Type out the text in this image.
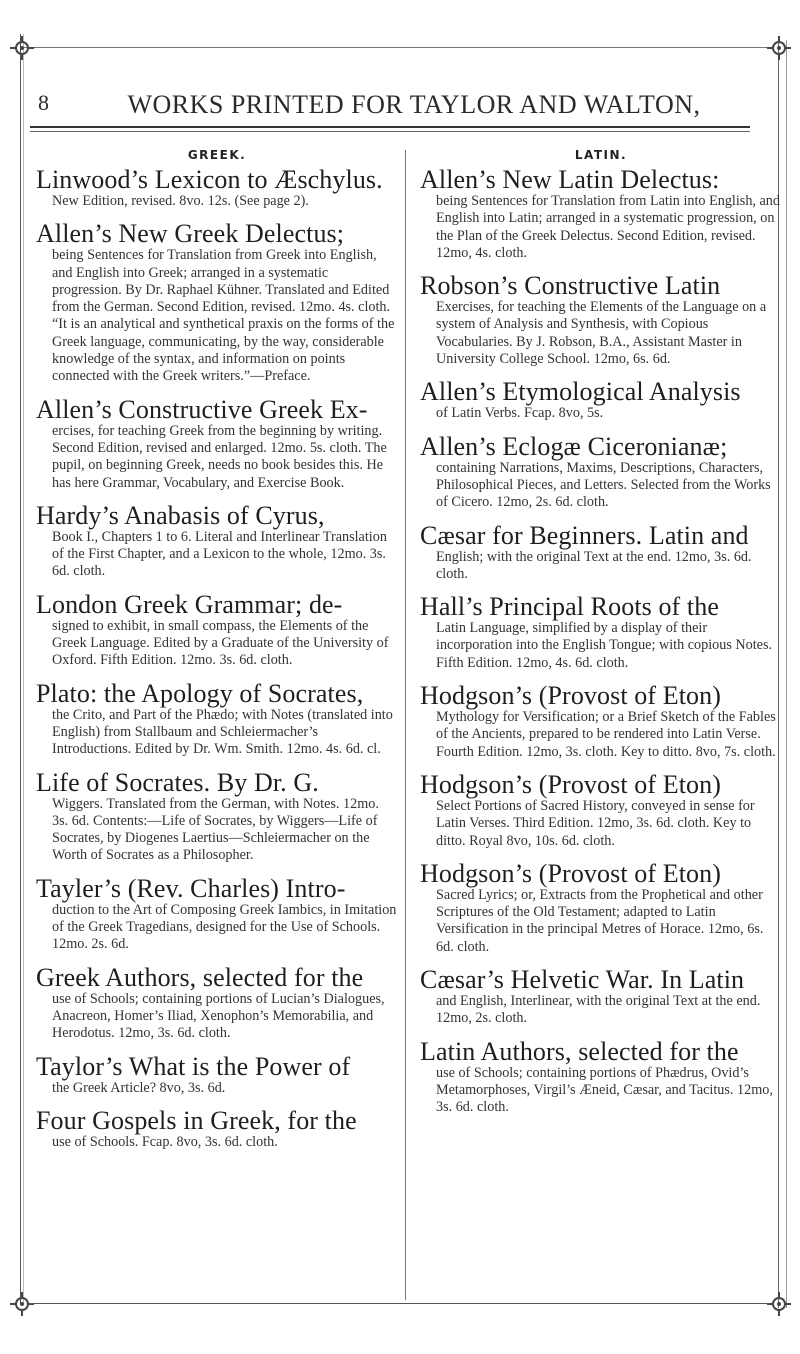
8	WORKS PRINTED FOR TAYLOR AND WALTON,
GREEK.

Linwood’s Lexicon to Æschylus.

New Edition, revised. 8vo. 12s. (See page 2).

Allen’s New Greek Delectus;

being Sentences for Translation from Greek into English, and English into Greek; arranged in a systematic progression. By Dr. Raphael Kühner. Translated and Edited from the German. Second Edition, revised. 12mo. 4s. cloth. “It is an analytical and synthetical praxis on the forms of the Greek language, communicating, by the way, considerable knowledge of the syntax, and information on points connected with the Greek writers.”—Preface.

Allen’s Constructive Greek Ex-

ercises, for teaching Greek from the beginning by writing. Second Edition, revised and enlarged. 12mo. 5s. cloth. The pupil, on beginning Greek, needs no book besides this. He has here Grammar, Vocabulary, and Exercise Book.

Hardy’s Anabasis of Cyrus,

Book I., Chapters 1 to 6. Literal and Interlinear Translation of the First Chapter, and a Lexicon to the whole, 12mo. 3s. 6d. cloth.

London Greek Grammar; de-

signed to exhibit, in small compass, the Elements of the Greek Language. Edited by a Graduate of the University of Oxford. Fifth Edition. 12mo. 3s. 6d. cloth.

Plato: the Apology of Socrates,

the Crito, and Part of the Phædo; with Notes (translated into English) from Stallbaum and Schleiermacher’s Introductions. Edited by Dr. Wm. Smith. 12mo. 4s. 6d. cl.

Life of Socrates. By Dr. G.

Wiggers. Translated from the German, with Notes. 12mo. 3s. 6d. Contents:—Life of Socrates, by Wiggers—Life of Socrates, by Diogenes Laertius—Schleiermacher on the Worth of Socrates as a Philosopher.

Tayler’s (Rev. Charles) Intro-

duction to the Art of Composing Greek Iambics, in Imitation of the Greek Tragedians, designed for the Use of Schools. 12mo. 2s. 6d.

Greek Authors, selected for the

use of Schools; containing portions of Lucian’s Dialogues, Anacreon, Homer’s Iliad, Xenophon’s Memorabilia, and Herodotus. 12mo, 3s. 6d. cloth.

Taylor’s What is the Power of

the Greek Article? 8vo, 3s. 6d.

Four Gospels in Greek, for the

use of Schools. Fcap. 8vo, 3s. 6d. cloth.

LATIN.

Allen’s New Latin Delectus:

being Sentences for Translation from Latin into English, and English into Latin; arranged in a systematic progression, on the Plan of the Greek Delectus. Second Edition, revised. 12mo, 4s. cloth.

Robson’s Constructive Latin

Exercises, for teaching the Elements of the Language on a system of Analysis and Synthesis, with Copious Vocabularies. By J. Robson, B.A., Assistant Master in University College School. 12mo, 6s. 6d.

Allen’s Etymological Analysis

of Latin Verbs. Fcap. 8vo, 5s.

Allen’s Eclogæ Ciceronianæ;

containing Narrations, Maxims, Descriptions, Characters, Philosophical Pieces, and Letters. Selected from the Works of Cicero. 12mo, 2s. 6d. cloth.

Cæsar for Beginners. Latin and

English; with the original Text at the end. 12mo, 3s. 6d. cloth.

Hall’s Principal Roots of the

Latin Language, simplified by a display of their incorporation into the English Tongue; with copious Notes. Fifth Edition. 12mo, 4s. 6d. cloth.

Hodgson’s (Provost of Eton)

Mythology for Versification; or a Brief Sketch of the Fables of the Ancients, prepared to be rendered into Latin Verse. Fourth Edition. 12mo, 3s. cloth. Key to ditto. 8vo, 7s. cloth.

Hodgson’s (Provost of Eton)

Select Portions of Sacred History, conveyed in sense for Latin Verses. Third Edition. 12mo, 3s. 6d. cloth. Key to ditto. Royal 8vo, 10s. 6d. cloth.

Hodgson’s (Provost of Eton)

Sacred Lyrics; or, Extracts from the Prophetical and other Scriptures of the Old Testament; adapted to Latin Versification in the principal Metres of Horace. 12mo, 6s. 6d. cloth.

Cæsar’s Helvetic War. In Latin

and English, Interlinear, with the original Text at the end. 12mo, 2s. cloth.

Latin Authors, selected for the

use of Schools; containing portions of Phædrus, Ovid’s Metamorphoses, Virgil’s Æneid, Cæsar, and Tacitus. 12mo, 3s. 6d. cloth.
